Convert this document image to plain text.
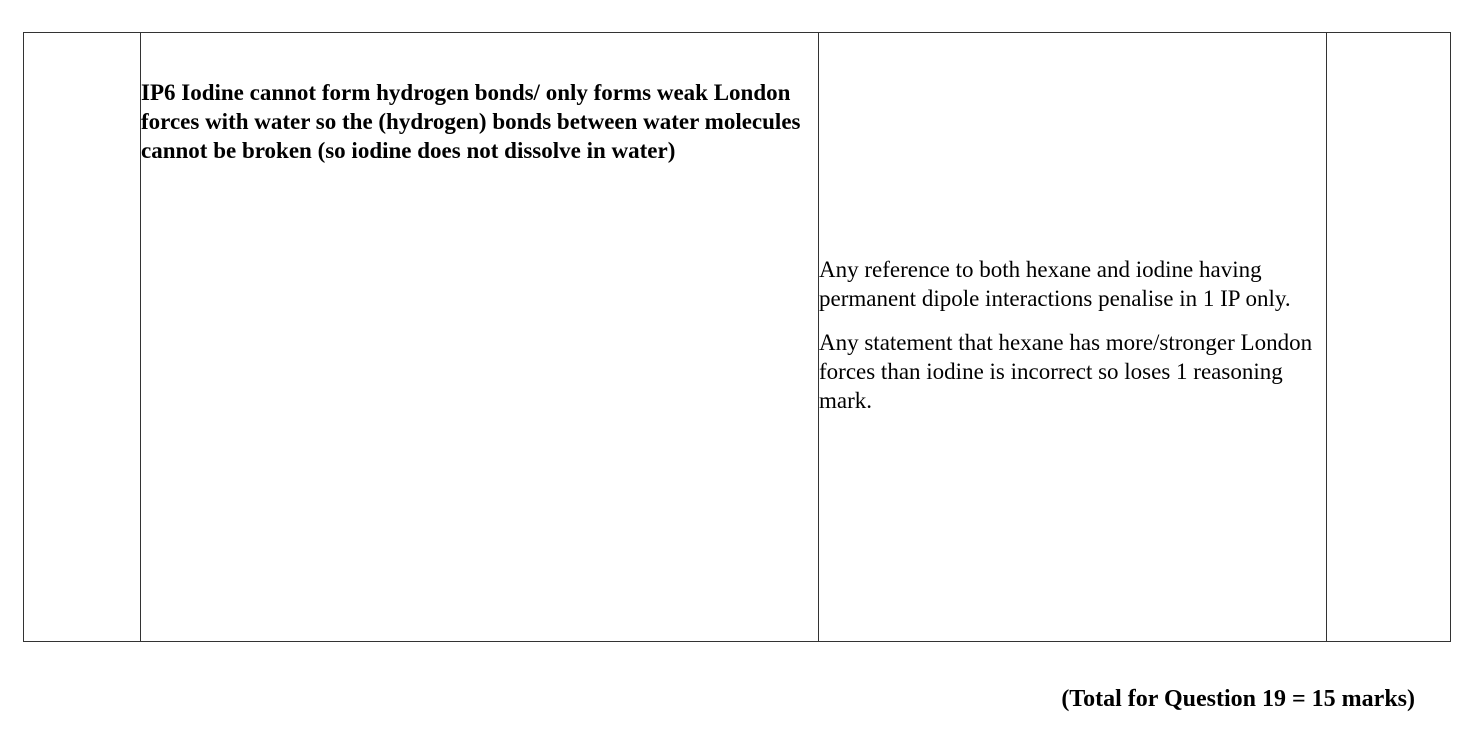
IP6 Iodine cannot form hydrogen bonds/ only forms weak London forces with water so the (hydrogen) bonds between water molecules cannot be broken (so iodine does not dissolve in water)

Any reference to both hexane and iodine having permanent dipole interactions penalise in 1 IP only.

Any statement that hexane has more/stronger London forces than iodine is incorrect so loses 1 reasoning mark.

(Total for Question 19 = 15 marks)
